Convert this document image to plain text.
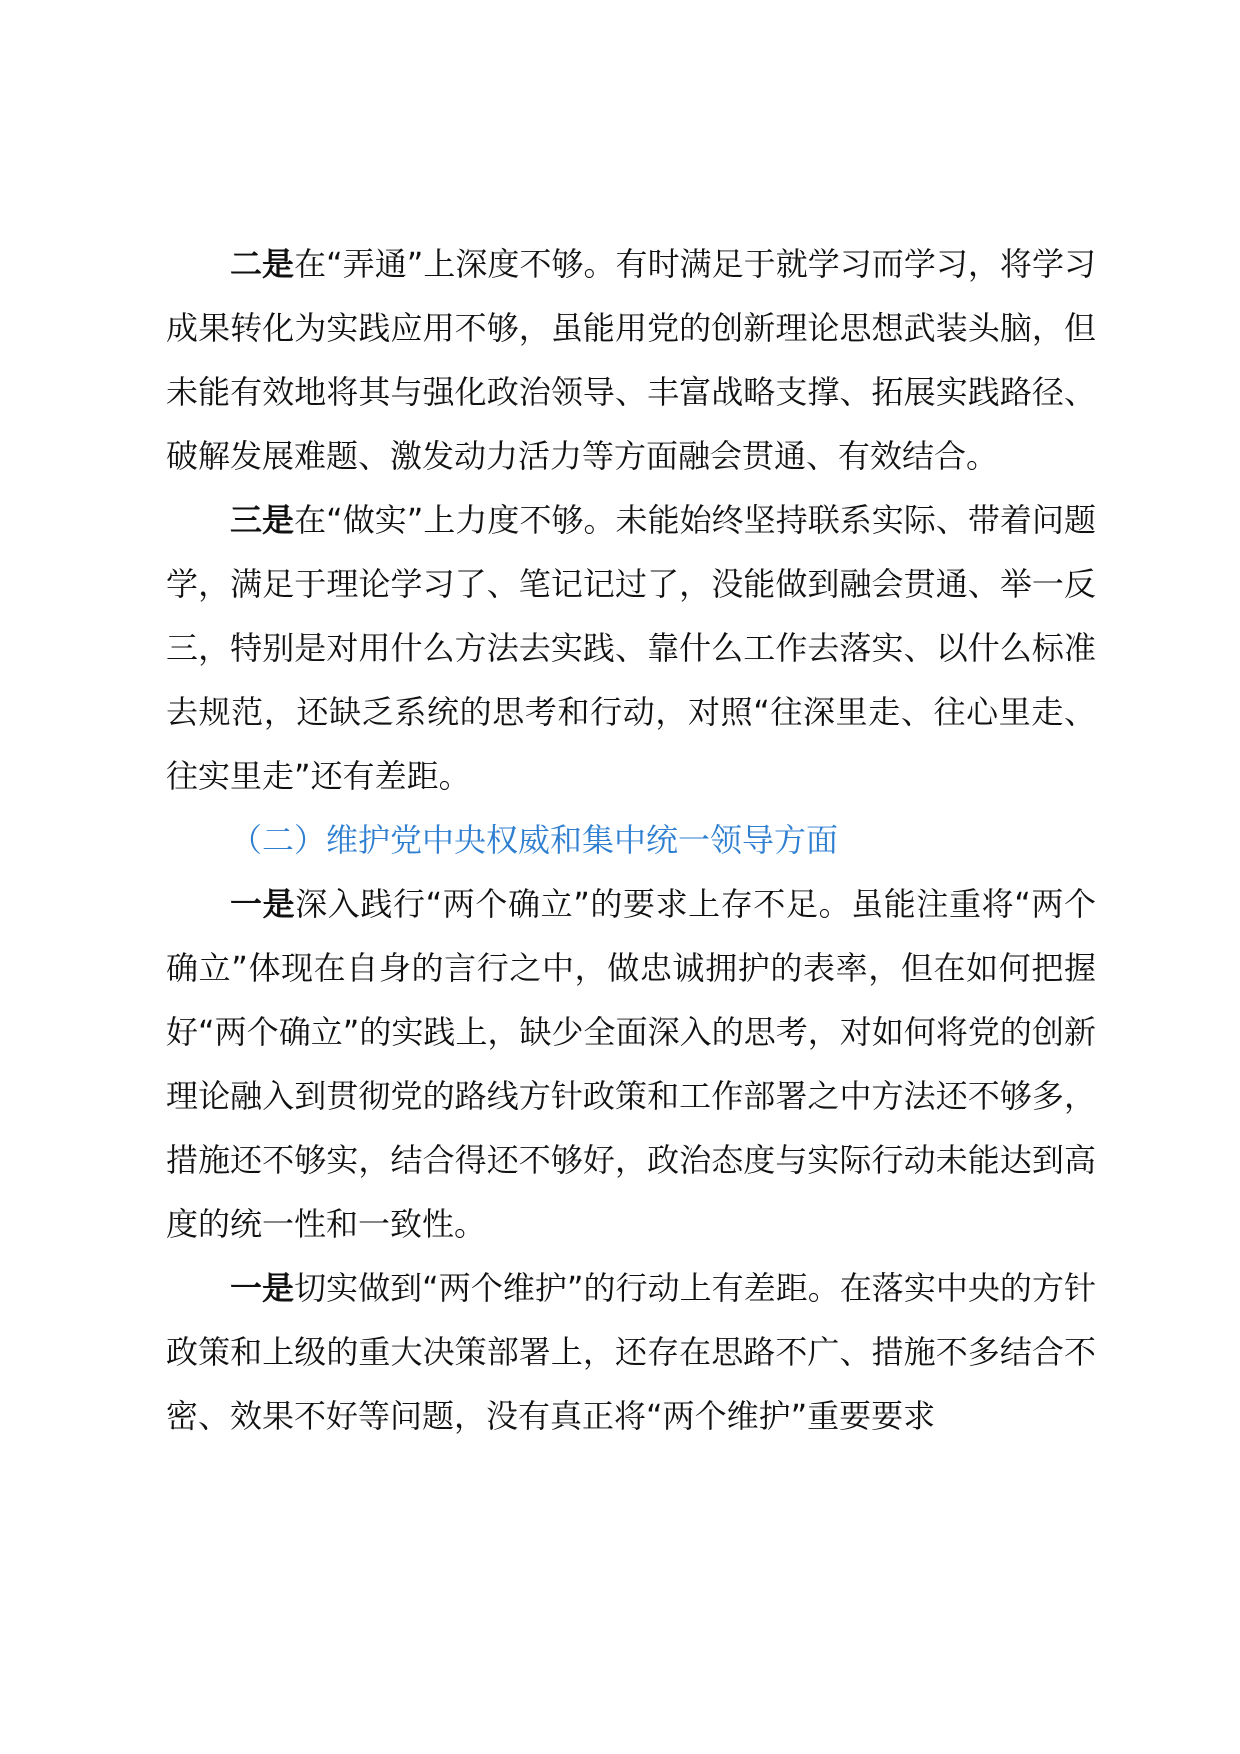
二是在“弄通”上深度不够。有时满足于就学习而学习，将学习成果转化为实践应用不够，虽能用党的创新理论思想武装头脑，但未能有效地将其与强化政治领导、丰富战略支撑、拓展实践路径、破解发展难题、激发动力活力等方面融会贯通、有效结合。

三是在“做实”上力度不够。未能始终坚持联系实际、带着问题学，满足于理论学习了、笔记记过了，没能做到融会贯通、举一反三，特别是对用什么方法去实践、靠什么工作去落实、以什么标准去规范，还缺乏系统的思考和行动，对照“往深里走、往心里走、往实里走”还有差距。

（二）维护党中央权威和集中统一领导方面

一是深入践行“两个确立”的要求上存不足。虽能注重将“两个确立”体现在自身的言行之中，做忠诚拥护的表率，但在如何把握好“两个确立”的实践上，缺少全面深入的思考，对如何将党的创新理论融入到贯彻党的路线方针政策和工作部署之中方法还不够多，措施还不够实，结合得还不够好，政治态度与实际行动未能达到高度的统一性和一致性。

一是切实做到“两个维护”的行动上有差距。在落实中央的方针政策和上级的重大决策部署上，还存在思路不广、措施不多结合不密、效果不好等问题，没有真正将“两个维护”重要要求
